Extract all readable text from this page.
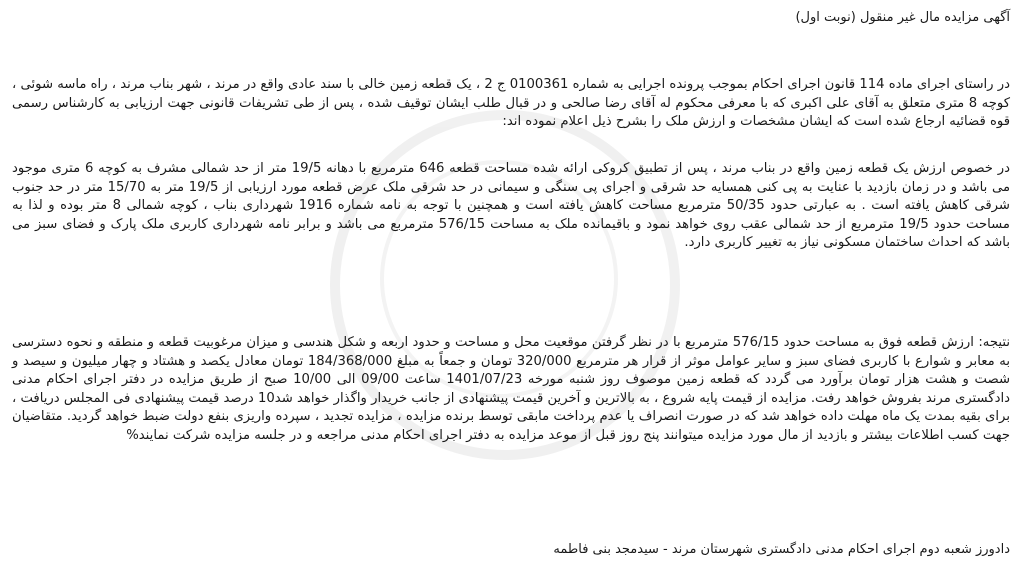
آگهی مزایده مال غیر منقول (نوبت اول)
در راستای اجرای ماده 114 قانون اجرای احکام بموجب پرونده اجرایی به شماره 0100361 ج 2 ، یک قطعه زمین خالی با سند عادی واقع در مرند ، شهر بناب مرند ، راه ماسه شوئی ، کوچه 8 متری متعلق به آقای علی اکبری که با معرفی محکوم له آقای رضا صالحی و در قبال طلب ایشان توقیف شده ، پس از طی تشریفات قانونی جهت ارزیابی به کارشناس رسمی قوه قضائیه ارجاع شده است که ایشان مشخصات و ارزش ملک را بشرح ذیل اعلام نموده اند:
در خصوص ارزش یک قطعه زمین واقع در بناب مرند ، پس از تطبیق کروکی ارائه شده مساحت قطعه 646 مترمربع با دهانه 19/5 متر از حد شمالی مشرف به کوچه 6 متری موجود می باشد و در زمان بازدید با عنایت به پی کنی همسایه حد شرقی و اجرای پی سنگی و سیمانی در حد شرقی ملک عرض قطعه مورد ارزیابی از 19/5 متر به 15/70 متر در حد جنوب شرقی کاهش یافته است . به عبارتی حدود 50/35 مترمربع مساحت کاهش یافته است و همچنین با توجه به نامه شماره 1916 شهرداری بناب ، کوچه شمالی 8 متر بوده و لذا به مساحت حدود 19/5 مترمربع از حد شمالی عقب روی خواهد نمود و باقیمانده ملک به مساحت 576/15 مترمربع می باشد و برابر نامه شهرداری کاربری ملک پارک و فضای سبز می باشد که احداث ساختمان مسکونی نیاز به تغییر کاربری دارد.
نتیجه: ارزش قطعه فوق به مساحت حدود 576/15 مترمربع با در نظر گرفتن موقعیت محل و مساحت و حدود اربعه و شکل هندسی و میزان مرغوبیت قطعه و منطقه و نحوه دسترسی به معابر و شوارع با کاربری فضای سبز و سایر عوامل موثر از قرار هر مترمربع 320/000 تومان و جمعاً به مبلغ 184/368/000 تومان معادل یکصد و هشتاد و چهار میلیون و سیصد و شصت و هشت هزار تومان برآورد می گردد که قطعه زمین موصوف روز شنبه مورخه 1401/07/23 ساعت 09/00 الی 10/00 صبح از طریق مزایده در دفتر اجرای احکام مدنی دادگستری مرند بفروش خواهد رفت. مزایده از قیمت پایه شروع ، به بالاترین و آخرین قیمت پیشنهادی از جانب خریدار واگذار خواهد شد10 درصد قیمت پیشنهادی فی المجلس دریافت ، برای بقیه بمدت یک ماه مهلت داده خواهد شد که در صورت انصراف یا عدم پرداخت مابقی توسط برنده مزایده ، مزایده تجدید ، سپرده واریزی بنفع دولت ضبط خواهد گردید. متقاضیان جهت کسب اطلاعات بیشتر و بازدید از مال مورد مزایده میتوانند پنج روز قبل از موعد مزایده به دفتر اجرای احکام مدنی مراجعه و در جلسه مزایده شرکت نمایند%
دادورز شعبه دوم اجرای احکام مدنی دادگستری شهرستان مرند - سیدمجد بنی فاطمه
